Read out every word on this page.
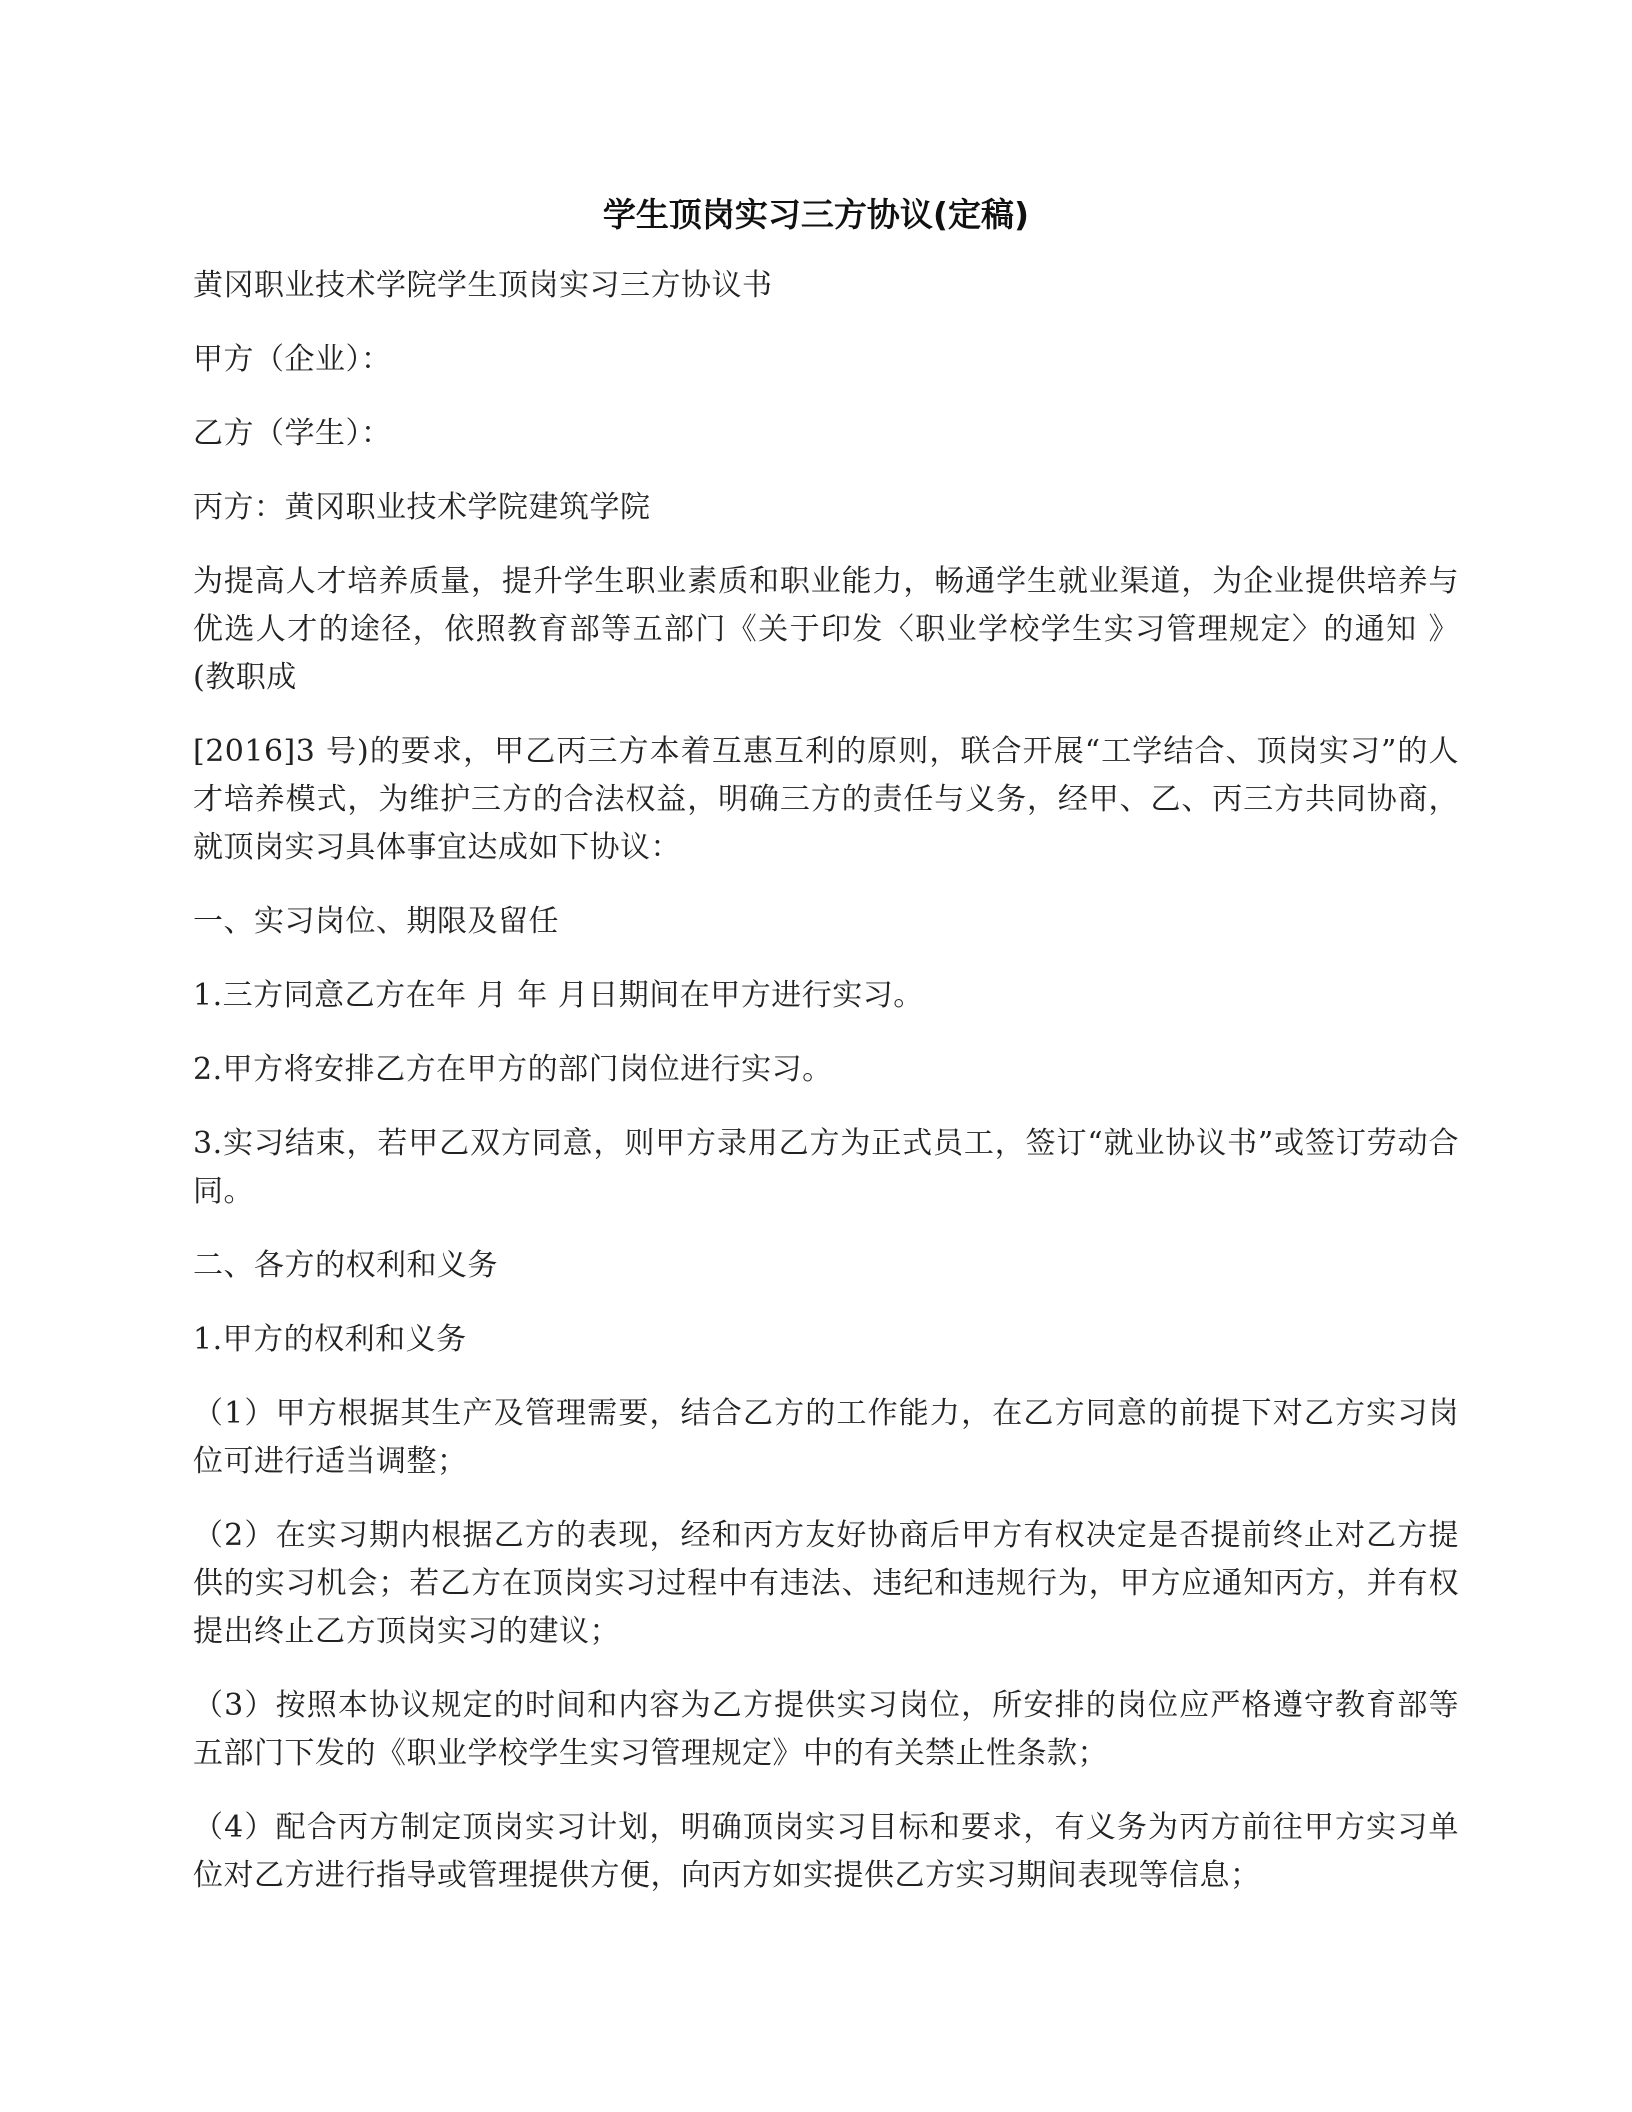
学生顶岗实习三方协议(定稿)

黄冈职业技术学院学生顶岗实习三方协议书

甲方（企业）：

乙方（学生）：

丙方：黄冈职业技术学院建筑学院

为提高人才培养质量，提升学生职业素质和职业能力，畅通学生就业渠道，为企业提供培养与优选人才的途径，依照教育部等五部门《关于印发〈职业学校学生实习管理规定〉的通知 》(教职成

[2016]3 号)的要求，甲乙丙三方本着互惠互利的原则，联合开展“工学结合、顶岗实习”的人才培养模式，为维护三方的合法权益，明确三方的责任与义务，经甲、乙、丙三方共同协商，就顶岗实习具体事宜达成如下协议：

一、实习岗位、期限及留任

1.三方同意乙方在年 月 年 月日期间在甲方进行实习。

2.甲方将安排乙方在甲方的部门岗位进行实习。

3.实习结束，若甲乙双方同意，则甲方录用乙方为正式员工，签订“就业协议书”或签订劳动合同。

二、各方的权利和义务

1.甲方的权利和义务

（1）甲方根据其生产及管理需要，结合乙方的工作能力，在乙方同意的前提下对乙方实习岗位可进行适当调整；

（2）在实习期内根据乙方的表现，经和丙方友好协商后甲方有权决定是否提前终止对乙方提供的实习机会；若乙方在顶岗实习过程中有违法、违纪和违规行为，甲方应通知丙方，并有权提出终止乙方顶岗实习的建议；

（3）按照本协议规定的时间和内容为乙方提供实习岗位，所安排的岗位应严格遵守教育部等五部门下发的《职业学校学生实习管理规定》中的有关禁止性条款；

（4）配合丙方制定顶岗实习计划，明确顶岗实习目标和要求，有义务为丙方前往甲方实习单位对乙方进行指导或管理提供方便，向丙方如实提供乙方实习期间表现等信息；
